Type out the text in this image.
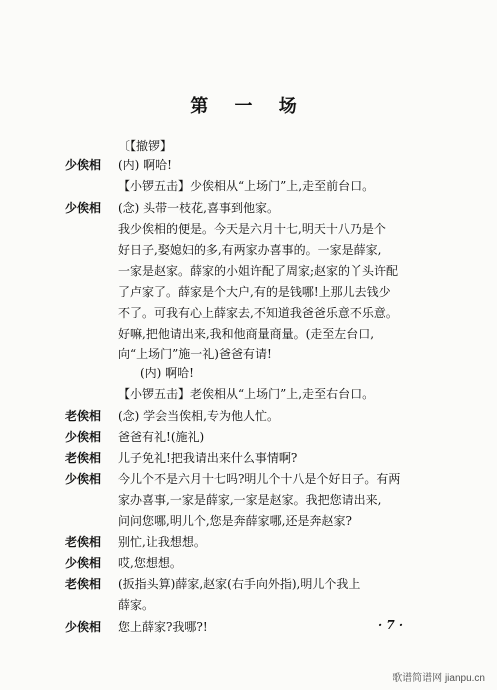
第 一 场
〔【撤锣】
少俟相 (内) 啊哈!
【小锣五击】少俟相从“上场门”上,走至前台口。
少俟相 (念) 头带一枝花,喜事到他家。
我少俟相的便是。今天是六月十七,明天十八乃是个
好日子,娶媳妇的多,有两家办喜事的。一家是薛家,
一家是赵家。薛家的小姐许配了周家;赵家的丫头许配
了卢家了。薛家是个大户,有的是钱哪!上那儿去钱少
不了。可我有心上薛家去,不知道我爸爸乐意不乐意。
好嘛,把他请出来,我和他商量商量。(走至左台口,
向“上场门”施一礼)爸爸有请!
(内) 啊哈!
【小锣五击】老俟相从“上场门”上,走至右台口。
老俟相 (念) 学会当俟相,专为他人忙。
少俟相 爸爸有礼!(施礼)
老俟相 儿子免礼!把我请出来什么事情啊?
少俟相 今儿个不是六月十七吗?明儿个十八是个好日子。有两
家办喜事,一家是薛家,一家是赵家。我把您请出来,
问问您哪,明儿个,您是奔薛家哪,还是奔赵家?
老俟相 别忙,让我想想。
少俟相 哎,您想想。
老俟相 (扳指头算)薛家,赵家(右手向外指),明儿个我上
薛家。
少俟相 您上薛家?我哪?!	· 7 ·
歌谱简谱网 jianpu.cn
